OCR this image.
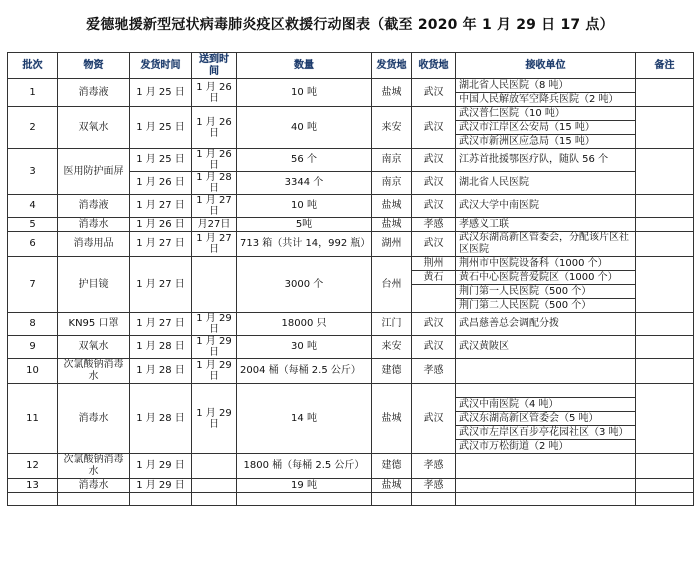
爱德驰援新型冠状病毒肺炎疫区救援行动图表（截至 2020 年 1 月 29 日 17 点）
批次	物资	发货时间	送到时间	数量	发货地	收货地	接收单位	备注
1	消毒液	1 月 25 日	1 月 26 日	10 吨	盐城	武汉	湖北省人民医院（8 吨）	
							中国人民解放军空降兵医院（2 吨）	
2	双氧水	1 月 25 日	1 月 26 日	40 吨	来安	武汉	武汉普仁医院（10 吨）	
							武汉市江岸区公安局（15 吨）	
							武汉市新洲区应急局（15 吨）	
3	医用防护面屏	1 月 25 日	1 月 26 日	56 个	南京	武汉	江苏首批援鄂医疗队，随队 56 个	

		1 月 26 日	1 月 28 日	3344 个	南京	武汉	湖北省人民医院	

4	消毒液	1 月 27 日	1 月 27 日	10 吨	盐城	武汉	武汉大学中南医院	

5	消毒水	1 月 26 日	月27日	5吨	盐城	孝感	孝感义工联	
6	消毒用品	1 月 27 日	1 月 27 日	713 箱（共计 14，992 瓶）	湖州	武汉	武汉东湖高新区管委会，分配该片区社区医院	

7	护目镜	1 月 27 日		3000 个	台州	荆州	荆州市中医院设备科（1000 个）	
						黄石	黄石中心医院普爱院区（1000 个）	
							荆门第一人民医院（500 个）	
							荆门第二人民医院（500 个）	
8	KN95 口罩	1 月 27 日	1 月 29 日	18000 只	江门	武汉	武昌慈善总会调配分拨	

9	双氧水	1 月 28 日	1 月 29 日	30 吨	来安	武汉	武汉黄陂区	

10	次氯酸钠消毒水	1 月 28 日	1 月 29 日	2004 桶（每桶 2.5 公斤）	建德	孝感		

11	消毒水	1 月 28 日	1 月 29 日	14 吨	盐城	武汉		
							武汉中南医院（4 吨）	
							武汉东湖高新区管委会（5 吨）	
							武汉市左岸区百步亭花园社区（3 吨）	
							武汉市万松街道（2 吨）	
12	次氯酸钠消毒水	1 月 29 日		1800 桶（每桶 2.5 公斤）	建德	孝感		

13	消毒水	1 月 29 日		19 吨	盐城	孝感		
